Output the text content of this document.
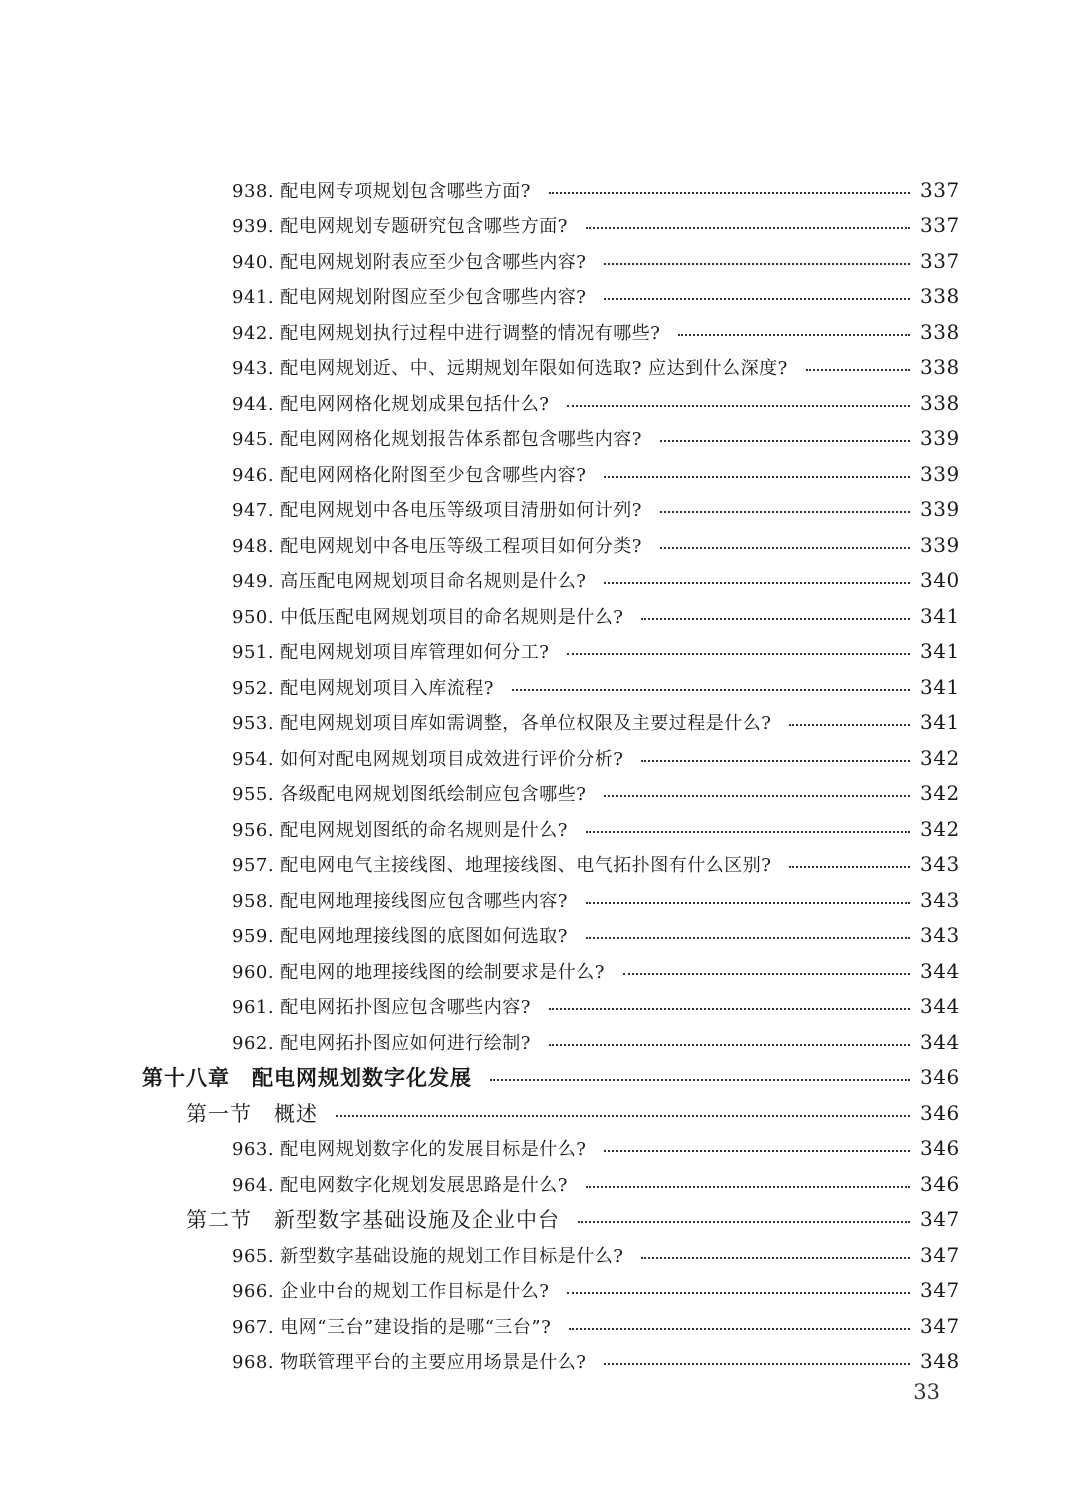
938. 配电网专项规划包含哪些方面?	337
939. 配电网规划专题研究包含哪些方面?	337
940. 配电网规划附表应至少包含哪些内容?	337
941. 配电网规划附图应至少包含哪些内容?	338
942. 配电网规划执行过程中进行调整的情况有哪些?	338
943. 配电网规划近、中、远期规划年限如何选取? 应达到什么深度?	338
944. 配电网网格化规划成果包括什么?	338
945. 配电网网格化规划报告体系都包含哪些内容?	339
946. 配电网网格化附图至少包含哪些内容?	339
947. 配电网规划中各电压等级项目清册如何计列?	339
948. 配电网规划中各电压等级工程项目如何分类?	339
949. 高压配电网规划项目命名规则是什么?	340
950. 中低压配电网规划项目的命名规则是什么?	341
951. 配电网规划项目库管理如何分工?	341
952. 配电网规划项目入库流程?	341
953. 配电网规划项目库如需调整，各单位权限及主要过程是什么?	341
954. 如何对配电网规划项目成效进行评价分析?	342
955. 各级配电网规划图纸绘制应包含哪些?	342
956. 配电网规划图纸的命名规则是什么?	342
957. 配电网电气主接线图、地理接线图、电气拓扑图有什么区别?	343
958. 配电网地理接线图应包含哪些内容?	343
959. 配电网地理接线图的底图如何选取?	343
960. 配电网的地理接线图的绘制要求是什么?	344
961. 配电网拓扑图应包含哪些内容?	344
962. 配电网拓扑图应如何进行绘制?	344
第十八章　配电网规划数字化发展	346
第一节　概述	346
963. 配电网规划数字化的发展目标是什么?	346
964. 配电网数字化规划发展思路是什么?	346
第二节　新型数字基础设施及企业中台	347
965. 新型数字基础设施的规划工作目标是什么?	347
966. 企业中台的规划工作目标是什么?	347
967. 电网“三台”建设指的是哪“三台”?	347
968. 物联管理平台的主要应用场景是什么?	348
33
